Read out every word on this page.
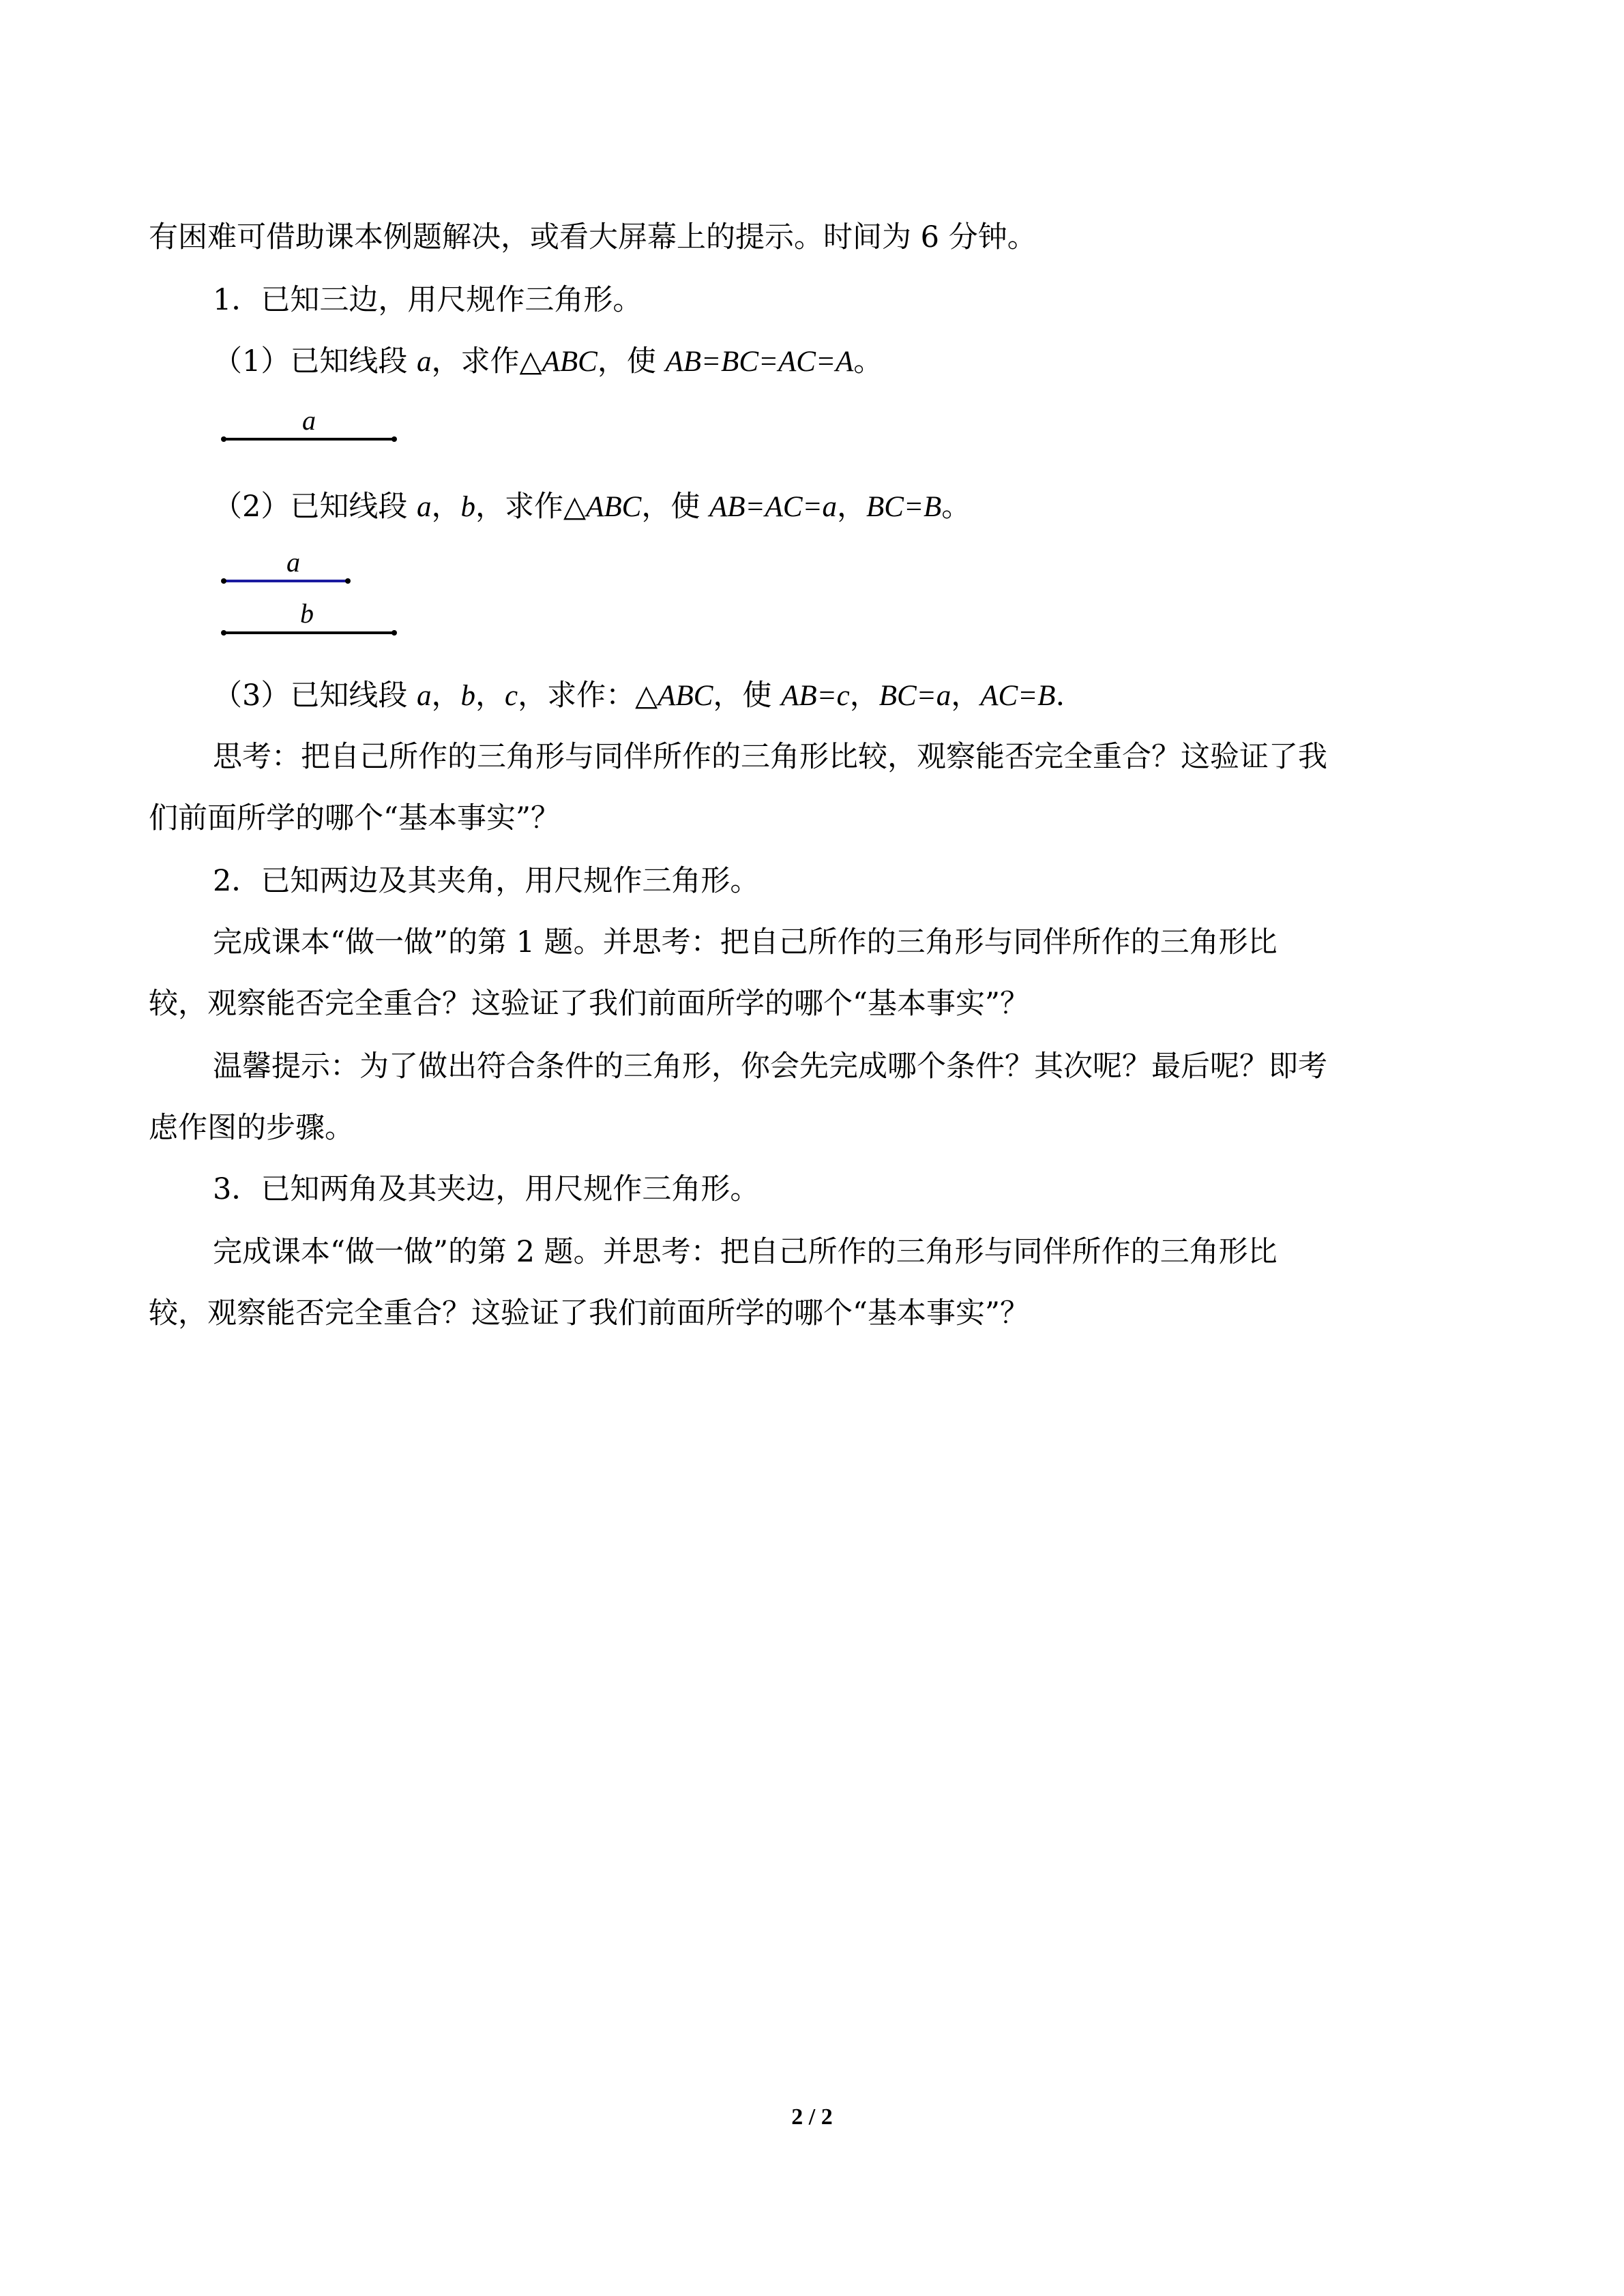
有困难可借助课本例题解决，或看大屏幕上的提示。时间为 6 分钟。
1．已知三边，用尺规作三角形。
（1）已知线段 a，求作△ABC，使 AB=BC=AC=A。
a
（2）已知线段 a，b，求作△ABC，使 AB=AC=a，BC=B。
a
b
（3）已知线段 a，b，c，求作：△ABC，使 AB=c，BC=a，AC=B.
思考：把自己所作的三角形与同伴所作的三角形比较，观察能否完全重合？这验证了我
们前面所学的哪个“基本事实”？
2．已知两边及其夹角，用尺规作三角形。
完成课本“做一做”的第 1 题。并思考：把自己所作的三角形与同伴所作的三角形比
较，观察能否完全重合？这验证了我们前面所学的哪个“基本事实”？
温馨提示：为了做出符合条件的三角形，你会先完成哪个条件？其次呢？最后呢？即考
虑作图的步骤。
3．已知两角及其夹边，用尺规作三角形。
完成课本“做一做”的第 2 题。并思考：把自己所作的三角形与同伴所作的三角形比
较，观察能否完全重合？这验证了我们前面所学的哪个“基本事实”？
2 / 2
